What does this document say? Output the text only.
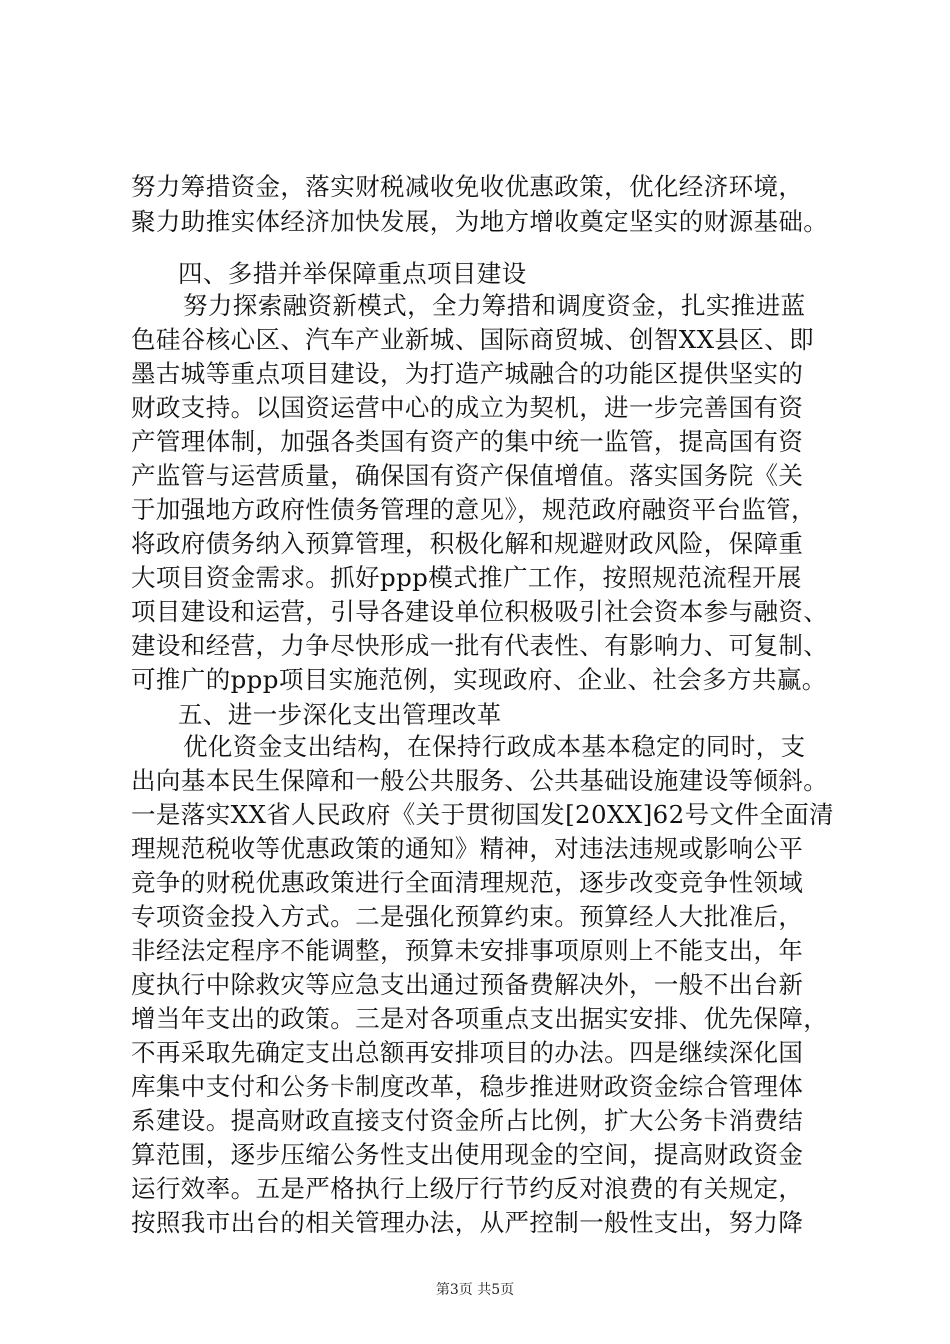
努力筹措资金，落实财税减收免收优惠政策，优化经济环境，
聚力助推实体经济加快发展，为地方增收奠定坚实的财源基础。
四、多措并举保障重点项目建设
努力探索融资新模式，全力筹措和调度资金，扎实推进蓝
色硅谷核心区、汽车产业新城、国际商贸城、创智XX县区、即
墨古城等重点项目建设，为打造产城融合的功能区提供坚实的
财政支持。以国资运营中心的成立为契机，进一步完善国有资
产管理体制，加强各类国有资产的集中统一监管，提高国有资
产监管与运营质量，确保国有资产保值增值。落实国务院《关
于加强地方政府性债务管理的意见》，规范政府融资平台监管，
将政府债务纳入预算管理，积极化解和规避财政风险，保障重
大项目资金需求。抓好ppp模式推广工作，按照规范流程开展
项目建设和运营，引导各建设单位积极吸引社会资本参与融资、
建设和经营，力争尽快形成一批有代表性、有影响力、可复制、
可推广的ppp项目实施范例，实现政府、企业、社会多方共赢。
五、进一步深化支出管理改革
优化资金支出结构，在保持行政成本基本稳定的同时，支
出向基本民生保障和一般公共服务、公共基础设施建设等倾斜。
一是落实XX省人民政府《关于贯彻国发[20XX]62号文件全面清
理规范税收等优惠政策的通知》精神，对违法违规或影响公平
竞争的财税优惠政策进行全面清理规范，逐步改变竞争性领域
专项资金投入方式。二是强化预算约束。预算经人大批准后，
非经法定程序不能调整，预算未安排事项原则上不能支出，年
度执行中除救灾等应急支出通过预备费解决外，一般不出台新
增当年支出的政策。三是对各项重点支出据实安排、优先保障，
不再采取先确定支出总额再安排项目的办法。四是继续深化国
库集中支付和公务卡制度改革，稳步推进财政资金综合管理体
系建设。提高财政直接支付资金所占比例，扩大公务卡消费结
算范围，逐步压缩公务性支出使用现金的空间，提高财政资金
运行效率。五是严格执行上级厅行节约反对浪费的有关规定，
按照我市出台的相关管理办法，从严控制一般性支出，努力降
第3页 共5页
